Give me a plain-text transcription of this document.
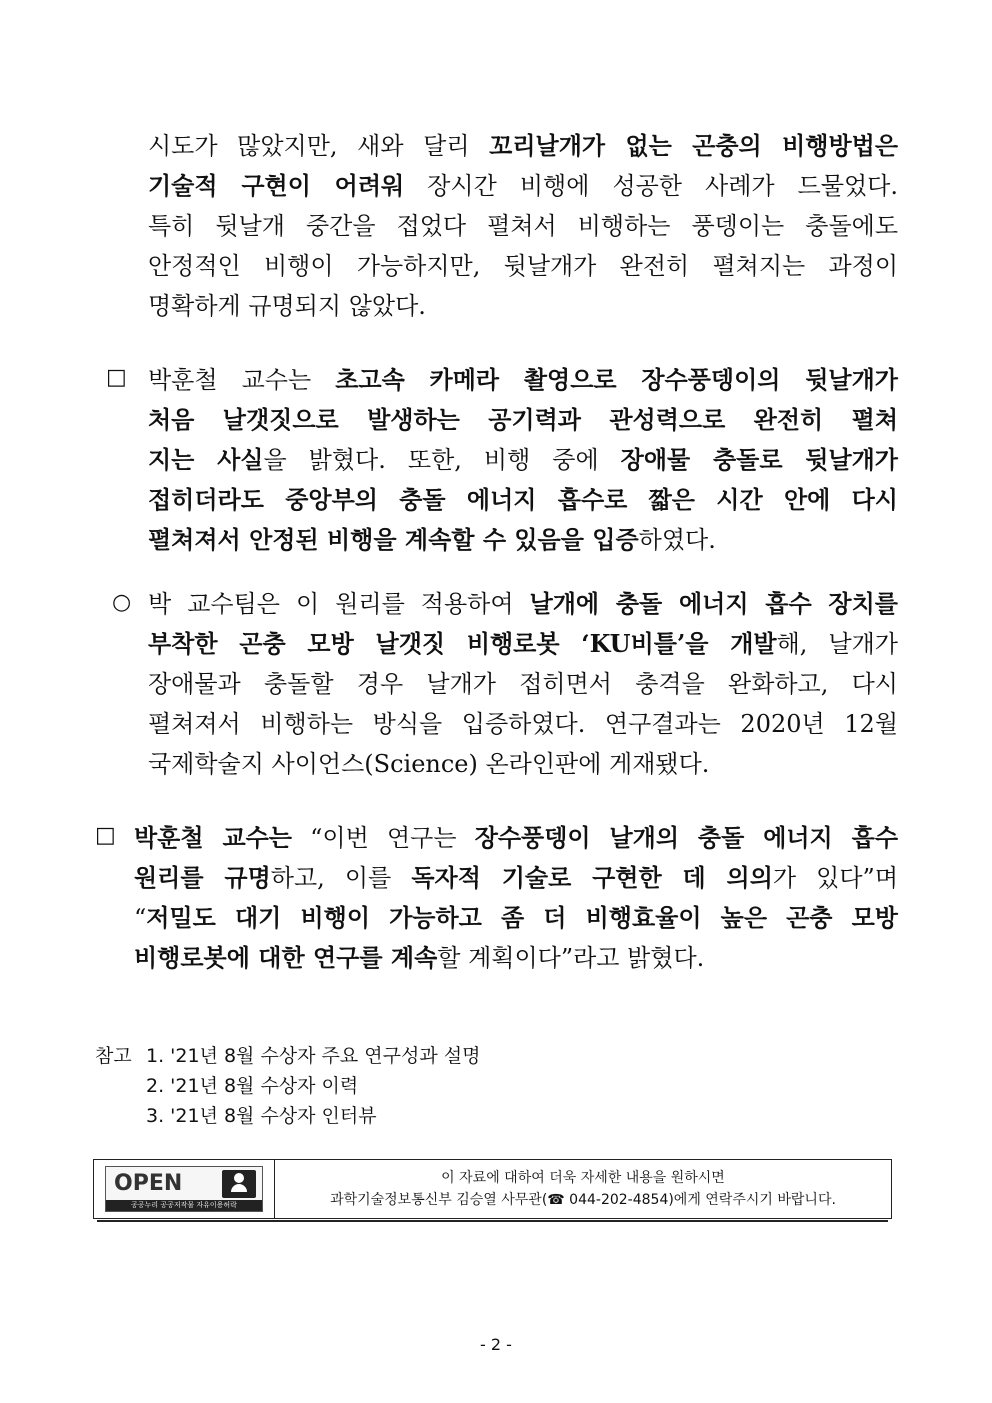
시도가 많았지만, 새와 달리 꼬리날개가 없는 곤충의 비행방법은
기술적 구현이 어려워 장시간 비행에 성공한 사례가 드물었다.
특히 뒷날개 중간을 접었다 펼쳐서 비행하는 풍뎅이는 충돌에도
안정적인 비행이 가능하지만, 뒷날개가 완전히 펼쳐지는 과정이
명확하게 규명되지 않았다.
□ 박훈철 교수는 초고속 카메라 촬영으로 장수풍뎅이의 뒷날개가
처음 날갯짓으로 발생하는 공기력과 관성력으로 완전히 펼쳐
지는 사실을 밝혔다. 또한, 비행 중에 장애물 충돌로 뒷날개가
접히더라도 중앙부의 충돌 에너지 흡수로 짧은 시간 안에 다시
펼쳐져서 안정된 비행을 계속할 수 있음을 입증하였다.
○ 박 교수팀은 이 원리를 적용하여 날개에 충돌 에너지 흡수 장치를
부착한 곤충 모방 날갯짓 비행로봇 ‘KU비틀’을 개발해, 날개가
장애물과 충돌할 경우 날개가 접히면서 충격을 완화하고, 다시
펼쳐져서 비행하는 방식을 입증하였다. 연구결과는 2020년 12월
국제학술지 사이언스(Science) 온라인판에 게재됐다.
□ 박훈철 교수는 “이번 연구는 장수풍뎅이 날개의 충돌 에너지 흡수
원리를 규명하고, 이를 독자적 기술로 구현한 데 의의가 있다”며
“저밀도 대기 비행이 가능하고 좀 더 비행효율이 높은 곤충 모방
비행로봇에 대한 연구를 계속할 계획이다”라고 밝혔다.
참고 1. '21년 8월 수상자 주요 연구성과 설명
2. '21년 8월 수상자 이력
3. '21년 8월 수상자 인터뷰
OPEN
공공누리 공공저작물 자유이용허락
이 자료에 대하여 더욱 자세한 내용을 원하시면
과학기술정보통신부 김승열 사무관(☎ 044-202-4854)에게 연락주시기 바랍니다.
- 2 -
